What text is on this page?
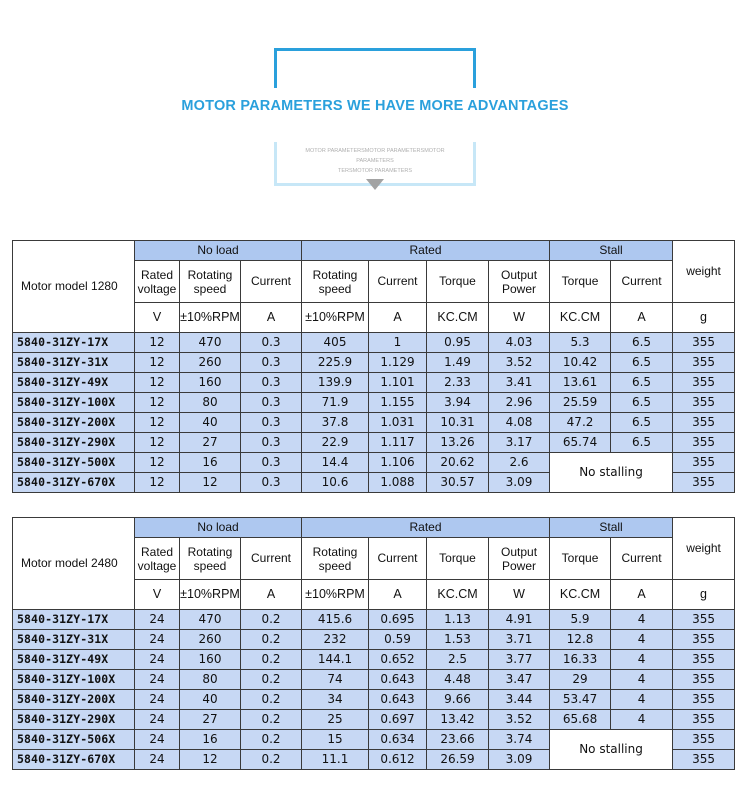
MOTOR PARAMETERS WE HAVE MORE ADVANTAGES
MOTOR PARAMETERSMOTOR PARAMETERSMOTOR PARAMETERS
TERSMOTOR PARAMETERS
Motor model 1280	No load			Rated				Stall		weight
	Rated voltage	Rotating speed	Current	Rotating speed	Current	Torque	Output Power	Torque	Current	
	V	±10%RPM	A	±10%RPM	A	KC.CM	W	KC.CM	A	g
5840-31ZY-17X	12	470	0.3	405	1	0.95	4.03	5.3	6.5	355
5840-31ZY-31X	12	260	0.3	225.9	1.129	1.49	3.52	10.42	6.5	355
5840-31ZY-49X	12	160	0.3	139.9	1.101	2.33	3.41	13.61	6.5	355
5840-31ZY-100X	12	80	0.3	71.9	1.155	3.94	2.96	25.59	6.5	355
5840-31ZY-200X	12	40	0.3	37.8	1.031	10.31	4.08	47.2	6.5	355
5840-31ZY-290X	12	27	0.3	22.9	1.117	13.26	3.17	65.74	6.5	355
5840-31ZY-500X	12	16	0.3	14.4	1.106	20.62	2.6	No stalling		355
5840-31ZY-670X	12	12	0.3	10.6	1.088	30.57	3.09			355
Motor model 2480	No load			Rated				Stall		weight
	Rated voltage	Rotating speed	Current	Rotating speed	Current	Torque	Output Power	Torque	Current	
	V	±10%RPM	A	±10%RPM	A	KC.CM	W	KC.CM	A	g
5840-31ZY-17X	24	470	0.2	415.6	0.695	1.13	4.91	5.9	4	355
5840-31ZY-31X	24	260	0.2	232	0.59	1.53	3.71	12.8	4	355
5840-31ZY-49X	24	160	0.2	144.1	0.652	2.5	3.77	16.33	4	355
5840-31ZY-100X	24	80	0.2	74	0.643	4.48	3.47	29	4	355
5840-31ZY-200X	24	40	0.2	34	0.643	9.66	3.44	53.47	4	355
5840-31ZY-290X	24	27	0.2	25	0.697	13.42	3.52	65.68	4	355
5840-31ZY-506X	24	16	0.2	15	0.634	23.66	3.74	No stalling		355
5840-31ZY-670X	24	12	0.2	11.1	0.612	26.59	3.09			355
